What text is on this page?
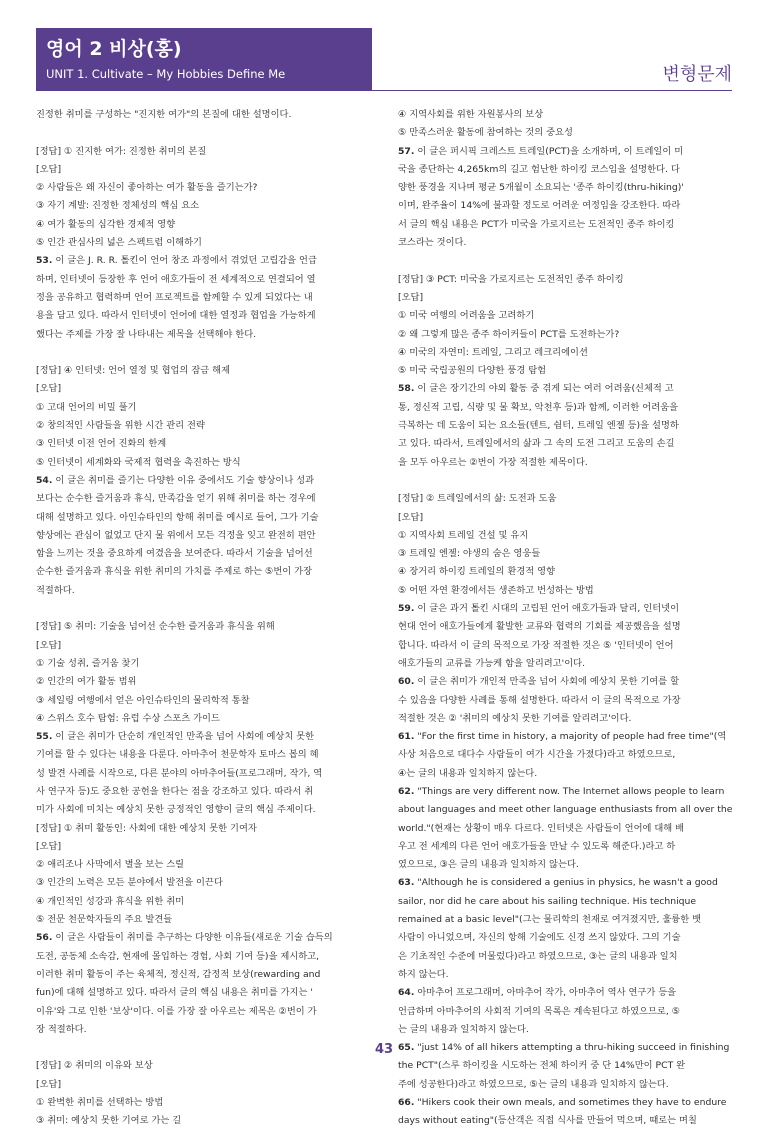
영어 2 비상(홍)
UNIT 1. Cultivate – My Hobbies Define Me	변형문제

진정한 취미를 구성하는 "진지한 여가"의 본질에 대한 설명이다.

[정답] ① 진지한 여가: 진정한 취미의 본질

[오답]

② 사람들은 왜 자신이 좋아하는 여가 활동을 즐기는가?

③ 자기 계발: 진정한 정체성의 핵심 요소

④ 여가 활동의 심각한 경제적 영향

⑤ 인간 관심사의 넓은 스펙트럼 이해하기

53. 이 글은 J. R. R. 톨킨이 언어 창조 과정에서 겪었던 고립감을 언급

하며, 인터넷이 등장한 후 언어 애호가들이 전 세계적으로 연결되어 열

정을 공유하고 협력하며 언어 프로젝트를 함께할 수 있게 되었다는 내

용을 담고 있다. 따라서 인터넷이 언어에 대한 열정과 협업을 가능하게

했다는 주제를 가장 잘 나타내는 제목을 선택해야 한다.

[정답] ④ 인터넷: 언어 열정 및 협업의 잠금 해제

[오답]

① 고대 언어의 비밀 풀기

② 창의적인 사람들을 위한 시간 관리 전략

③ 인터넷 이전 언어 진화의 한계

⑤ 인터넷이 세계화와 국제적 협력을 촉진하는 방식

54. 이 글은 취미를 즐기는 다양한 이유 중에서도 기술 향상이나 성과

보다는 순수한 즐거움과 휴식, 만족감을 얻기 위해 취미를 하는 경우에

대해 설명하고 있다. 아인슈타인의 항해 취미를 예시로 들어, 그가 기술

향상에는 관심이 없었고 단지 물 위에서 모든 걱정을 잊고 완전히 편안

함을 느끼는 것을 중요하게 여겼음을 보여준다. 따라서 기술을 넘어선

순수한 즐거움과 휴식을 위한 취미의 가치를 주제로 하는 ⑤번이 가장

적절하다.

[정답] ⑤ 취미: 기술을 넘어선 순수한 즐거움과 휴식을 위해

[오답]

① 기술 성취, 즐거움 찾기

② 인간의 여가 활동 범위

③ 세일링 여행에서 얻은 아인슈타인의 물리학적 통찰

④ 스위스 호수 탐험: 유럽 수상 스포츠 가이드

55. 이 글은 취미가 단순히 개인적인 만족을 넘어 사회에 예상치 못한

기여를 할 수 있다는 내용을 다룬다. 아마추어 천문학자 토마스 봅의 혜

성 발견 사례를 시작으로, 다른 분야의 아마추어들(프로그래머, 작가, 역

사 연구자 등)도 중요한 공헌을 한다는 점을 강조하고 있다. 따라서 취

미가 사회에 미치는 예상치 못한 긍정적인 영향이 글의 핵심 주제이다.

[정답] ① 취미 활동인: 사회에 대한 예상치 못한 기여자

[오답]

② 애리조나 사막에서 별을 보는 스릴

③ 인간의 노력은 모든 분야에서 발전을 이끈다

④ 개인적인 성강과 휴식을 위한 취미

⑤ 전문 천문학자들의 주요 발견들

56. 이 글은 사람들이 취미를 추구하는 다양한 이유들(새로운 기술 습득의

도전, 공동체 소속감, 현재에 몰입하는 경험, 사회 기여 등)을 제시하고,

이러한 취미 활동이 주는 육체적, 정신적, 감정적 보상(rewarding and

fun)에 대해 설명하고 있다. 따라서 글의 핵심 내용은 취미를 가지는 '

이유'와 그로 인한 '보상'이다. 이를 가장 잘 아우르는 제목은 ②번이 가

장 적절하다.

[정답] ② 취미의 이유와 보상

[오답]

① 완벽한 취미를 선택하는 방법

③ 취미: 예상치 못한 기여로 가는 길

④ 지역사회를 위한 자원봉사의 보상

⑤ 만족스러운 활동에 참여하는 것의 중요성

57. 이 글은 퍼시픽 크레스트 트레일(PCT)을 소개하며, 이 트레일이 미

국을 종단하는 4,265km의 길고 험난한 하이킹 코스임을 설명한다. 다

양한 풍경을 지나며 평균 5개월이 소요되는 '종주 하이킹(thru-hiking)'

이며, 완주율이 14%에 불과할 정도로 어려운 여정임을 강조한다. 따라

서 글의 핵심 내용은 PCT가 미국을 가로지르는 도전적인 종주 하이킹

코스라는 것이다.

[정답] ③ PCT: 미국을 가로지르는 도전적인 종주 하이킹

[오답]

① 미국 여행의 어려움을 고려하기

② 왜 그렇게 많은 종주 하이커들이 PCT를 도전하는가?

④ 미국의 자연미: 트레일, 그리고 레크리에이션

⑤ 미국 국립공원의 다양한 풍경 탐험

58. 이 글은 장기간의 야외 활동 중 겪게 되는 여러 어려움(신체적 고

통, 정신적 고립, 식량 및 물 확보, 악천후 등)과 함께, 이러한 어려움을

극복하는 데 도움이 되는 요소들(텐트, 쉼터, 트레일 엔젤 등)을 설명하

고 있다. 따라서, 트레일에서의 삶과 그 속의 도전 그리고 도움의 손길

을 모두 아우르는 ②번이 가장 적절한 제목이다.

[정답] ② 트레일에서의 삶: 도전과 도움

[오답]

① 지역사회 트레일 건설 및 유지

③ 트레일 엔젤: 야생의 숨은 영웅들

④ 장거리 하이킹 트레일의 환경적 영향

⑤ 어떤 자연 환경에서든 생존하고 번성하는 방법

59. 이 글은 과거 톨킨 시대의 고립된 언어 애호가들과 달리, 인터넷이

현대 언어 애호가들에게 활발한 교류와 협력의 기회를 제공했음을 설명

합니다. 따라서 이 글의 목적으로 가장 적절한 것은 ⑤ '인터넷이 언어

애호가들의 교류를 가능케 함을 알리려고'이다.

60. 이 글은 취미가 개인적 만족을 넘어 사회에 예상치 못한 기여를 할

수 있음을 다양한 사례를 통해 설명한다. 따라서 이 글의 목적으로 가장

적절한 것은 ② '취미의 예상치 못한 기여를 알리려고'이다.

61. "For the first time in history, a majority of people had free time"(역

사상 처음으로 대다수 사람들이 여가 시간을 가졌다)라고 하였으므로,

④는 글의 내용과 일치하지 않는다.

62. "Things are very different now. The Internet allows people to learn

about languages and meet other language enthusiasts from all over the

world."(현재는 상황이 매우 다르다. 인터넷은 사람들이 언어에 대해 배

우고 전 세계의 다른 언어 애호가들을 만날 수 있도록 해준다.)라고 하

였으므로, ③은 글의 내용과 일치하지 않는다.

63. "Although he is considered a genius in physics, he wasn't a good

sailor, nor did he care about his sailing technique. His technique

remained at a basic level"(그는 물리학의 천재로 여겨졌지만, 훌륭한 뱃

사람이 아니었으며, 자신의 항해 기술에도 신경 쓰지 않았다. 그의 기술

은 기초적인 수준에 머물렀다)라고 하였으므로, ③는 글의 내용과 일치

하지 않는다.

64. 아마추어 프로그래머, 아마추어 작가, 아마추어 역사 연구가 등을

언급하며 아마추어의 사회적 기여의 목록은 계속된다고 하였으므로, ⑤

는 글의 내용과 일치하지 않는다.

65. "just 14% of all hikers attempting a thru-hiking succeed in finishing

the PCT"(스루 하이킹을 시도하는 전체 하이커 중 단 14%만이 PCT 완

주에 성공한다)라고 하였으므로, ⑤는 글의 내용과 일치하지 않는다.

66. "Hikers cook their own meals, and sometimes they have to endure

days without eating"(등산객은 직접 식사를 만들어 먹으며, 때로는 며칠

43
